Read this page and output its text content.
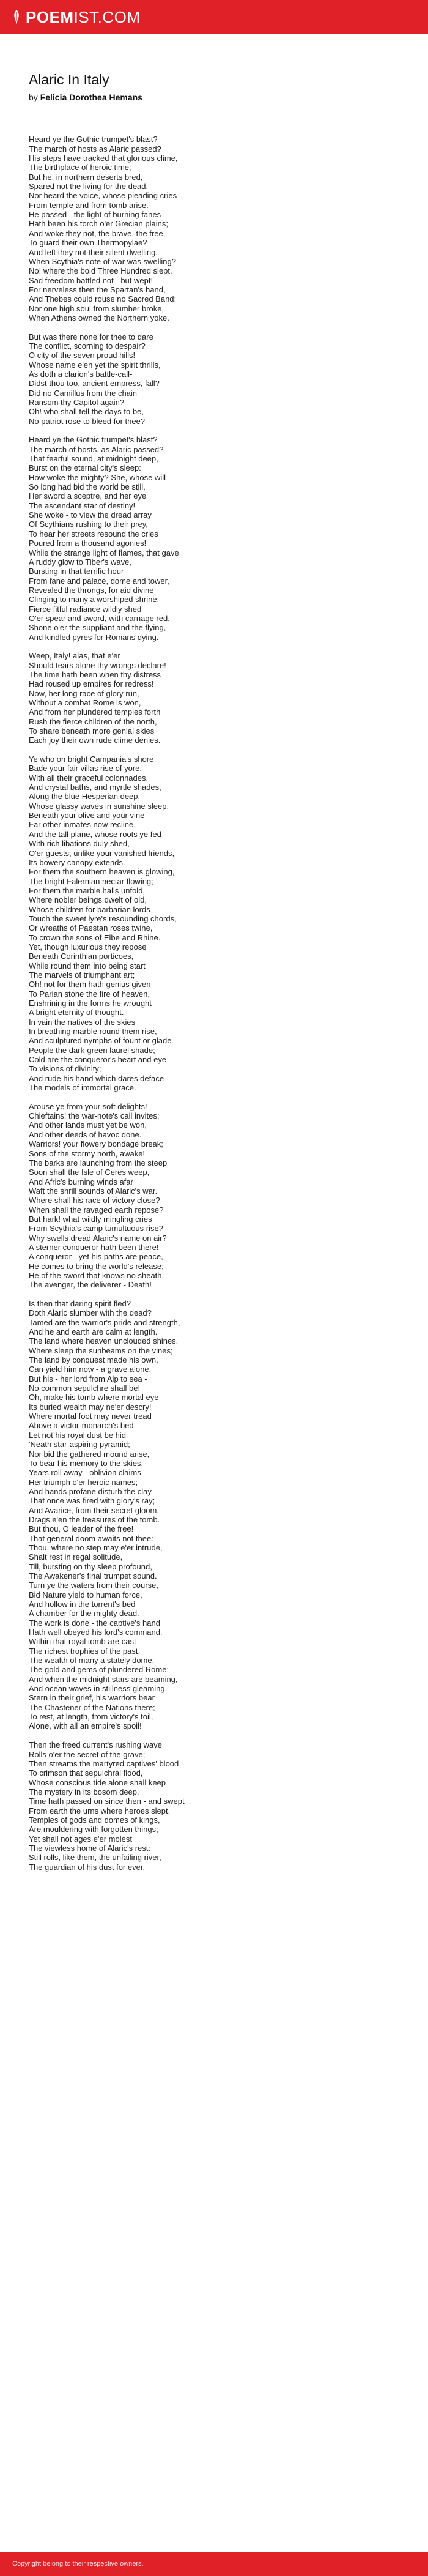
POEMIST.COM
Alaric In Italy
by Felicia Dorothea Hemans
Heard ye the Gothic trumpet's blast?
The march of hosts as Alaric passed?
His steps have tracked that glorious clime,
The birthplace of heroic time;
But he, in northern deserts bred,
Spared not the living for the dead,
Nor heard the voice, whose pleading cries
From temple and from tomb arise.
He passed - the light of burning fanes
Hath been his torch o'er Grecian plains;
And woke they not, the brave, the free,
To guard their own Thermopylae?
And left they not their silent dwelling,
When Scythia's note of war was swelling?
No! where the bold Three Hundred slept,
Sad freedom battled not - but wept!
For nerveless then the Spartan's hand,
And Thebes could rouse no Sacred Band;
Nor one high soul from slumber broke,
When Athens owned the Northern yoke.
But was there none for thee to dare
The conflict, scorning to despair?
O city of the seven proud hills!
Whose name e'en yet the spirit thrills,
As doth a clarion's battle-call-
Didst thou too, ancient empress, fall?
Did no Camillus from the chain
Ransom thy Capitol again?
Oh! who shall tell the days to be,
No patriot rose to bleed for thee?
Heard ye the Gothic trumpet's blast?
The march of hosts, as Alaric passed?
That fearful sound, at midnight deep,
Burst on the eternal city's sleep:
How woke the mighty? She, whose will
So long had bid the world be still,
Her sword a sceptre, and her eye
The ascendant star of destiny!
She woke - to view the dread array
Of Scythians rushing to their prey,
To hear her streets resound the cries
Poured from a thousand agonies!
While the strange light of flames, that gave
A ruddy glow to Tiber's wave,
Bursting in that terrific hour
From fane and palace, dome and tower,
Revealed the throngs, for aid divine
Clinging to many a worshiped shrine:
Fierce fitful radiance wildly shed
O'er spear and sword, with carnage red,
Shone o'er the suppliant and the flying,
And kindled pyres for Romans dying.
Weep, Italy! alas, that e'er
Should tears alone thy wrongs declare!
The time hath been when thy distress
Had roused up empires for redress!
Now, her long race of glory run,
Without a combat Rome is won,
And from her plundered temples forth
Rush the fierce children of the north,
To share beneath more genial skies
Each joy their own rude clime denies.
Ye who on bright Campania's shore
Bade your fair villas rise of yore,
With all their graceful colonnades,
And crystal baths, and myrtle shades,
Along the blue Hesperian deep,
Whose glassy waves in sunshine sleep;
Beneath your olive and your vine
Far other inmates now recline,
And the tall plane, whose roots ye fed
With rich libations duly shed,
O'er guests, unlike your vanished friends,
Its bowery canopy extends.
For them the southern heaven is glowing,
The bright Falernian nectar flowing;
For them the marble halls unfold,
Where nobler beings dwelt of old,
Whose children for barbarian lords
Touch the sweet lyre's resounding chords,
Or wreaths of Paestan roses twine,
To crown the sons of Elbe and Rhine.
Yet, though luxurious they repose
Beneath Corinthian porticoes,
While round them into being start
The marvels of triumphant art;
Oh! not for them hath genius given
To Parian stone the fire of heaven,
Enshrining in the forms he wrought
A bright eternity of thought.
In vain the natives of the skies
In breathing marble round them rise,
And sculptured nymphs of fount or glade
People the dark-green laurel shade;
Cold are the conqueror's heart and eye
To visions of divinity;
And rude his hand which dares deface
The models of immortal grace.
Arouse ye from your soft delights!
Chieftains! the war-note's call invites;
And other lands must yet be won,
And other deeds of havoc done.
Warriors! your flowery bondage break;
Sons of the stormy north, awake!
The barks are launching from the steep
Soon shall the Isle of Ceres weep,
And Afric's burning winds afar
Waft the shrill sounds of Alaric's war.
Where shall his race of victory close?
When shall the ravaged earth repose?
But hark! what wildly mingling cries
From Scythia's camp tumultuous rise?
Why swells dread Alaric's name on air?
A sterner conqueror hath been there!
A conqueror - yet his paths are peace,
He comes to bring the world's release;
He of the sword that knows no sheath,
The avenger, the deliverer - Death!
Is then that daring spirit fled?
Doth Alaric slumber with the dead?
Tamed are the warrior's pride and strength,
And he and earth are calm at length.
The land where heaven unclouded shines,
Where sleep the sunbeams on the vines;
The land by conquest made his own,
Can yield him now - a grave alone.
But his - her lord from Alp to sea -
No common sepulchre shall be!
Oh, make his tomb where mortal eye
Its buried wealth may ne'er descry!
Where mortal foot may never tread
Above a victor-monarch's bed.
Let not his royal dust be hid
'Neath star-aspiring pyramid;
Nor bid the gathered mound arise,
To bear his memory to the skies.
Years roll away - oblivion claims
Her triumph o'er heroic names;
And hands profane disturb the clay
That once was fired with glory's ray;
And Avarice, from their secret gloom,
Drags e'en the treasures of the tomb.
But thou, O leader of the free!
That general doom awaits not thee:
Thou, where no step may e'er intrude,
Shalt rest in regal solitude,
Till, bursting on thy sleep profound,
The Awakener's final trumpet sound.
Turn ye the waters from their course,
Bid Nature yield to human force,
And hollow in the torrent's bed
A chamber for the mighty dead.
The work is done - the captive's hand
Hath well obeyed his lord's command.
Within that royal tomb are cast
The richest trophies of the past,
The wealth of many a stately dome,
The gold and gems of plundered Rome;
And when the midnight stars are beaming,
And ocean waves in stillness gleaming,
Stern in their grief, his warriors bear
The Chastener of the Nations there;
To rest, at length, from victory's toil,
Alone, with all an empire's spoil!
Then the freed current's rushing wave
Rolls o'er the secret of the grave;
Then streams the martyred captives' blood
To crimson that sepulchral flood,
Whose conscious tide alone shall keep
The mystery in its bosom deep.
Time hath passed on since then - and swept
From earth the urns where heroes slept.
Temples of gods and domes of kings,
Are mouldering with forgotten things;
Yet shall not ages e'er molest
The viewless home of Alaric's rest:
Still rolls, like them, the unfailing river,
The guardian of his dust for ever.
Copyright belong to their respective owners.
